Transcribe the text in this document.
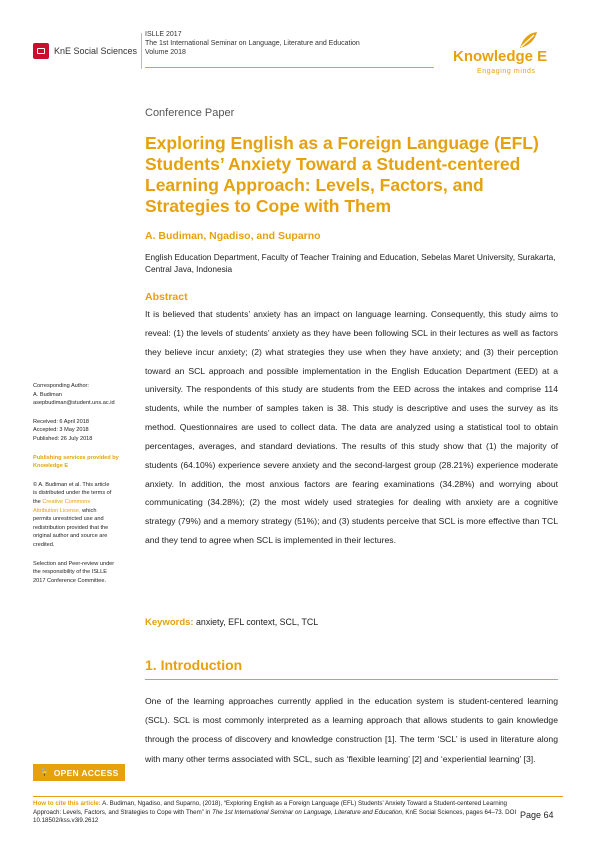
KnE Social Sciences
ISLLE 2017
The 1st International Seminar on Language, Literature and Education
Volume 2018	Knowledge E
Engaging minds
Conference Paper
Exploring English as a Foreign Language (EFL) Students’ Anxiety Toward a Student-centered Learning Approach: Levels, Factors, and Strategies to Cope with Them
A. Budiman, Ngadiso, and Suparno

English Education Department, Faculty of Teacher Training and Education, Sebelas Maret University, Surakarta, Central Java, Indonesia

Abstract

It is believed that students’ anxiety has an impact on language learning. Consequently, this study aims to reveal: (1) the levels of students’ anxiety as they have been following SCL in their lectures as well as factors they believe incur anxiety; (2) what strategies they use when they have anxiety; and (3) their perception toward an SCL approach and possible implementation in the English Education Department (EED) at a university. The respondents of this study are students from the EED across the intakes and comprise 114 students, while the number of samples taken is 38. This study is descriptive and uses the survey as its method. Questionnaires are used to collect data. The data are analyzed using a statistical tool to obtain percentages, averages, and standard deviations. The results of this study show that (1) the majority of students (64.10%) experience severe anxiety and the second-largest group (28.21%) experience moderate anxiety. In addition, the most anxious factors are fearing examinations (34.28%) and worrying about communicating (34.28%); (2) the most widely used strategies for dealing with anxiety are a cognitive strategy (79%) and a memory strategy (51%); and (3) students perceive that SCL is more effective than TCL and they tend to agree when SCL is implemented in their lectures.

Keywords: anxiety, EFL context, SCL, TCL
1. Introduction

One of the learning approaches currently applied in the education system is student-centered learning (SCL). SCL is most commonly interpreted as a learning approach that allows students to gain knowledge through the process of discovery and knowledge construction [1]. The term ‘SCL’ is used in literature along with many other terms associated with SCL, such as ‘flexible learning’ [2] and ‘experiential learning’ [3].

Corresponding Author:
A. Budiman
asepbudiman@student.uns.ac.id
Received: 6 April 2018
Accepted: 3 May 2018
Published: 26 July 2018
Publishing services provided by
Knowledge E
© A. Budiman et al. This article
is distributed under the terms of
the Creative Commons
Attribution License, which
permits unrestricted use and
redistribution provided that the
original author and source are
credited.
Selection and Peer-review under
the responsibility of the ISLLE
2017 Conference Committee.
🔓 OPEN ACCESS

How to cite this article: A. Budiman, Ngadiso, and Suparno, (2018), “Exploring English as a Foreign Language (EFL) Students’ Anxiety Toward a Student-centered Learning Approach: Levels, Factors, and Strategies to Cope with Them” in The 1st International Seminar on Language, Literature and Education, KnE Social Sciences, pages 64–73. DOI 10.18502/kss.v3i9.2612

Page 64
